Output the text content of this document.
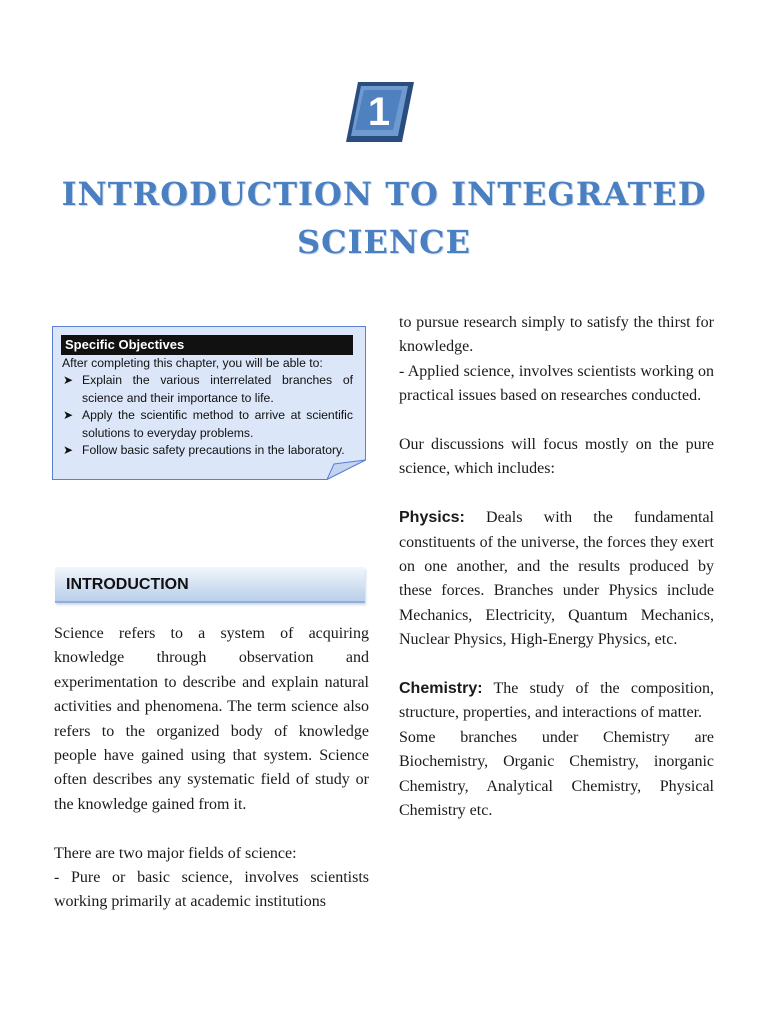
1
INTRODUCTION TO INTEGRATED
SCIENCE
Specific Objectives
After completing this chapter, you will be able to:
➤ Explain the various interrelated branches of science and their importance to life.
➤ Apply the scientific method to arrive at scientific solutions to everyday problems.
➤ Follow basic safety precautions in the laboratory.
INTRODUCTION

Science refers to a system of acquiring knowledge through observation and experimentation to describe and explain natural activities and phenomena. The term science also refers to the organized body of knowledge people have gained using that system. Science often describes any systematic field of study or the knowledge gained from it.

There are two major fields of science:

- Pure or basic science, involves scientists working primarily at academic institutions

to pursue research simply to satisfy the thirst for knowledge.

- Applied science, involves scientists working on practical issues based on researches conducted.

Our discussions will focus mostly on the pure science, which includes:

Physics: Deals with the fundamental constituents of the universe, the forces they exert on one another, and the results produced by these forces. Branches under Physics include Mechanics, Electricity, Quantum Mechanics, Nuclear Physics, High-Energy Physics, etc.

Chemistry: The study of the composition, structure, properties, and interactions of matter.

Some branches under Chemistry are Biochemistry, Organic Chemistry, inorganic Chemistry, Analytical Chemistry, Physical Chemistry etc.
